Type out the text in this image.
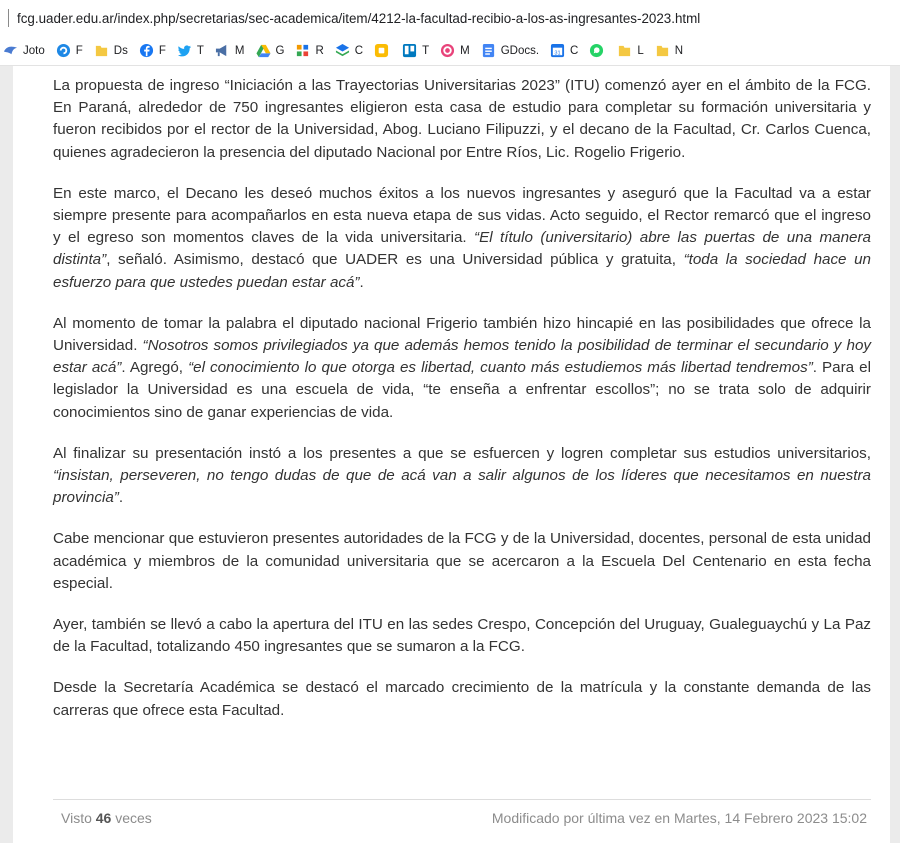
fcg.uader.edu.ar/index.php/secretarias/sec-academica/item/4212-la-facultad-recibio-a-los-as-ingresantes-2023.html
Joto	F	Ds	F	T	M	G	R	C	T	M	GDocs.	31 C	L	N

La propuesta de ingreso “Iniciación a las Trayectorias Universitarias 2023” (ITU) comenzó ayer en el ámbito de la FCG. En Paraná, alrededor de 750 ingresantes eligieron esta casa de estudio para completar su formación universitaria y fueron recibidos por el rector de la Universidad, Abog. Luciano Filipuzzi, y el decano de la Facultad, Cr. Carlos Cuenca, quienes agradecieron la presencia del diputado Nacional por Entre Ríos, Lic. Rogelio Frigerio.

En este marco, el Decano les deseó muchos éxitos a los nuevos ingresantes y aseguró que la Facultad va a estar siempre presente para acompañarlos en esta nueva etapa de sus vidas. Acto seguido, el Rector remarcó que el ingreso y el egreso son momentos claves de la vida universitaria. “El título (universitario) abre las puertas de una manera distinta”, señaló. Asimismo, destacó que UADER es una Universidad pública y gratuita, “toda la sociedad hace un esfuerzo para que ustedes puedan estar acá”.

Al momento de tomar la palabra el diputado nacional Frigerio también hizo hincapié en las posibilidades que ofrece la Universidad. “Nosotros somos privilegiados ya que además hemos tenido la posibilidad de terminar el secundario y hoy estar acá”. Agregó, “el conocimiento lo que otorga es libertad, cuanto más estudiemos más libertad tendremos”. Para el legislador la Universidad es una escuela de vida, “te enseña a enfrentar escollos”; no se trata solo de adquirir conocimientos sino de ganar experiencias de vida.

Al finalizar su presentación instó a los presentes a que se esfuercen y logren completar sus estudios universitarios, “insistan, perseveren, no tengo dudas de que de acá van a salir algunos de los líderes que necesitamos en nuestra provincia”.

Cabe mencionar que estuvieron presentes autoridades de la FCG y de la Universidad, docentes, personal de esta unidad académica y miembros de la comunidad universitaria que se acercaron a la Escuela Del Centenario en esta fecha especial.

Ayer, también se llevó a cabo la apertura del ITU en las sedes Crespo, Concepción del Uruguay, Gualeguaychú y La Paz de la Facultad, totalizando 450 ingresantes que se sumaron a la FCG.

Desde la Secretaría Académica se destacó el marcado crecimiento de la matrícula y la constante demanda de las carreras que ofrece esta Facultad.

Visto 46 veces	Modificado por última vez en Martes, 14 Febrero 2023 15:02
